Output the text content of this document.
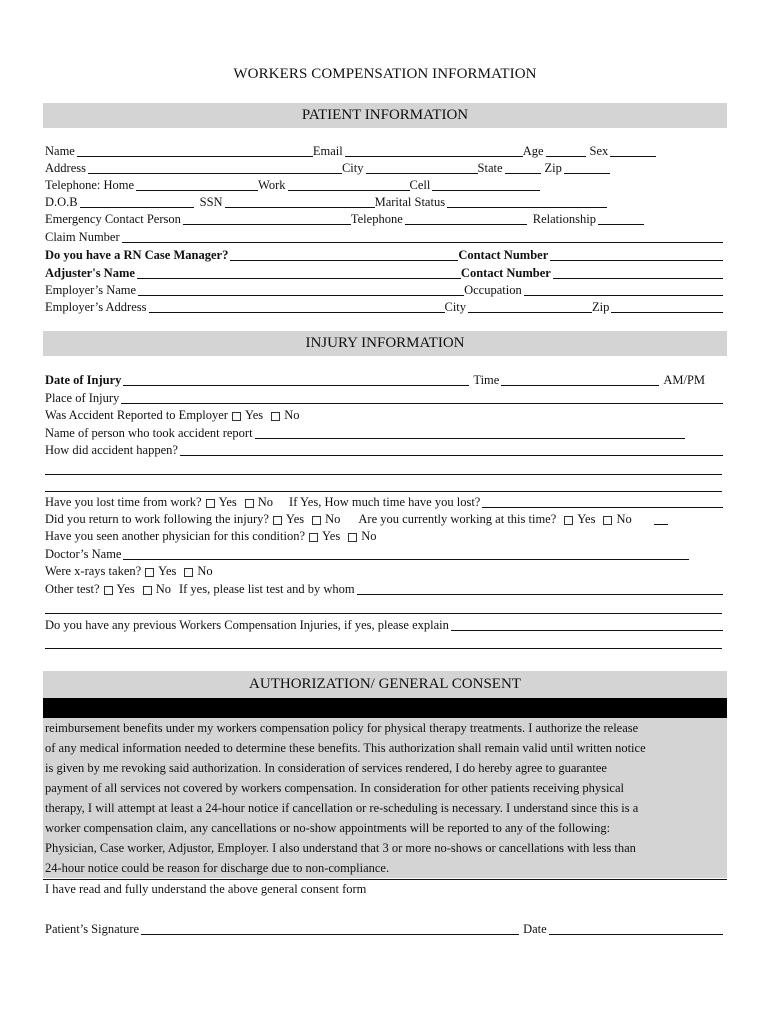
WORKERS COMPENSATION INFORMATION
PATIENT INFORMATION
Name	Email	Age	Sex
Address	City	State	Zip
Telephone: Home	Work	Cell
D.O.B	SSN	Marital Status
Emergency Contact Person	Telephone	Relationship
Claim Number
Do you have a RN Case Manager?	Contact Number
Adjuster's Name	Contact Number
Employer’s Name	Occupation
Employer’s Address	City	Zip
INJURY INFORMATION
Date of Injury	Time	AM/PM
Place of Injury
Was Accident Reported to Employer Yes No
Name of person who took accident report
How did accident happen?
Have you lost time from work? Yes No If Yes, How much time have you lost?
Did you return to work following the injury? Yes No Are you currently working at this time? Yes No
Have you seen another physician for this condition? Yes No
Doctor’s Name
Were x-rays taken? Yes No
Other test? Yes No If yes, please list test and by whom
Do you have any previous Workers Compensation Injuries, if yes, please explain
AUTHORIZATION/ GENERAL CONSENT
reimbursement benefits under my workers compensation policy for physical therapy treatments. I authorize the release
of any medical information needed to determine these benefits. This authorization shall remain valid until written notice
is given by me revoking said authorization. In consideration of services rendered, I do hereby agree to guarantee
payment of all services not covered by workers compensation. In consideration for other patients receiving physical
therapy, I will attempt at least a 24-hour notice if cancellation or re-scheduling is necessary. I understand since this is a
worker compensation claim, any cancellations or no-show appointments will be reported to any of the following:
Physician, Case worker, Adjustor, Employer. I also understand that 3 or more no-shows or cancellations with less than
24-hour notice could be reason for discharge due to non-compliance.
I have read and fully understand the above general consent form
Patient’s Signature	Date
